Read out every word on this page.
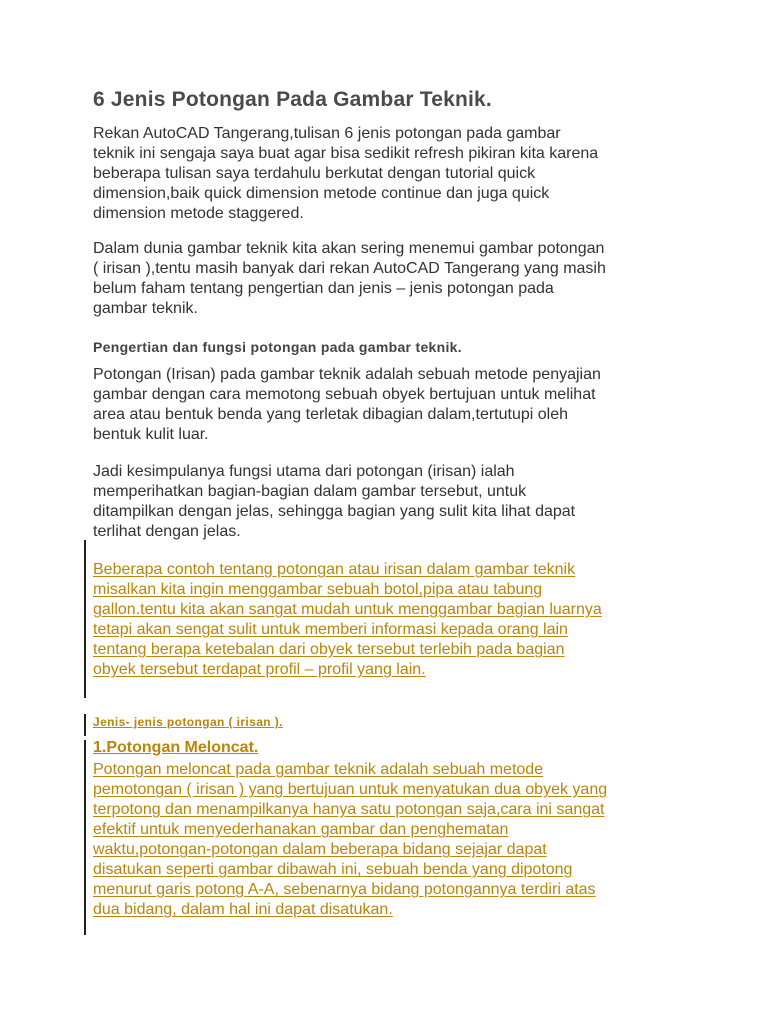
6 Jenis Potongan Pada Gambar Teknik.

Rekan AutoCAD Tangerang,tulisan 6 jenis potongan pada gambar
teknik ini sengaja saya buat agar bisa sedikit refresh pikiran kita karena
beberapa tulisan saya terdahulu berkutat dengan tutorial quick
dimension,baik quick dimension metode continue dan juga quick
dimension metode staggered.

Dalam dunia gambar teknik kita akan sering menemui gambar potongan
( irisan ),tentu masih banyak dari rekan AutoCAD Tangerang yang masih
belum faham tentang pengertian dan jenis – jenis potongan pada
gambar teknik.

Pengertian dan fungsi potongan pada gambar teknik.

Potongan (Irisan) pada gambar teknik adalah sebuah metode penyajian
gambar dengan cara memotong sebuah obyek bertujuan untuk melihat
area atau bentuk benda yang terletak dibagian dalam,tertutupi oleh
bentuk kulit luar.

Jadi kesimpulanya fungsi utama dari potongan (irisan) ialah
memperihatkan bagian-bagian dalam gambar tersebut, untuk
ditampilkan dengan jelas, sehingga bagian yang sulit kita lihat dapat
terlihat dengan jelas.

Beberapa contoh tentang potongan atau irisan dalam gambar teknik
misalkan kita ingin menggambar sebuah botol,pipa atau tabung
gallon.tentu kita akan sangat mudah untuk menggambar bagian luarnya
tetapi akan sengat sulit untuk memberi informasi kepada orang lain
tentang berapa ketebalan dari obyek tersebut terlebih pada bagian
obyek tersebut terdapat profil – profil yang lain.

Jenis- jenis potongan ( irisan ).
1.Potongan Meloncat.

Potongan meloncat pada gambar teknik adalah sebuah metode
pemotongan ( irisan ) yang bertujuan untuk menyatukan dua obyek yang
terpotong dan menampilkanya hanya satu potongan saja,cara ini sangat
efektif untuk menyederhanakan gambar dan penghematan
waktu,potongan-potongan dalam beberapa bidang sejajar dapat
disatukan seperti gambar dibawah ini, sebuah benda yang dipotong
menurut garis potong A-A, sebenarnya bidang potongannya terdiri atas
dua bidang, dalam hal ini dapat disatukan.
